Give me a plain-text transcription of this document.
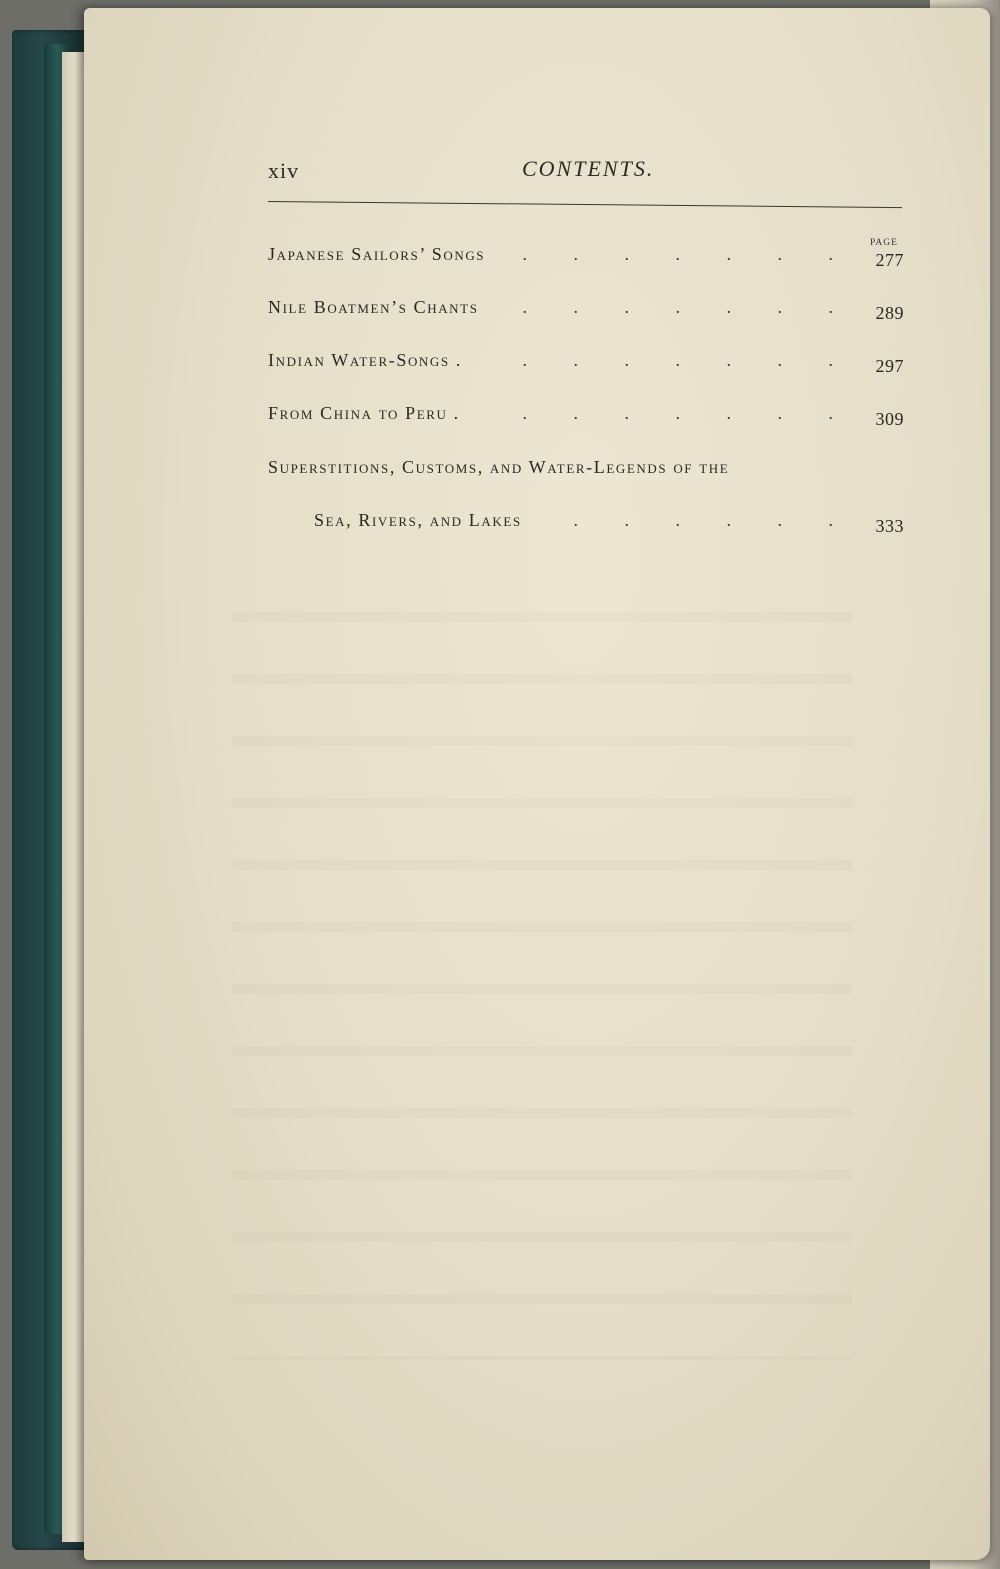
xiv	CONTENTS.
PAGE
Japanese Sailors’ Songs . . . . . . . 277
Nile Boatmen’s Chants . . . . . . . 289
Indian Water-Songs .	. . . . . . . 297
From China to Peru .	. . . . . . . 309
Superstitions, Customs, and Water-Legends of the
Sea, Rivers, and Lakes	. . . . . . 333
